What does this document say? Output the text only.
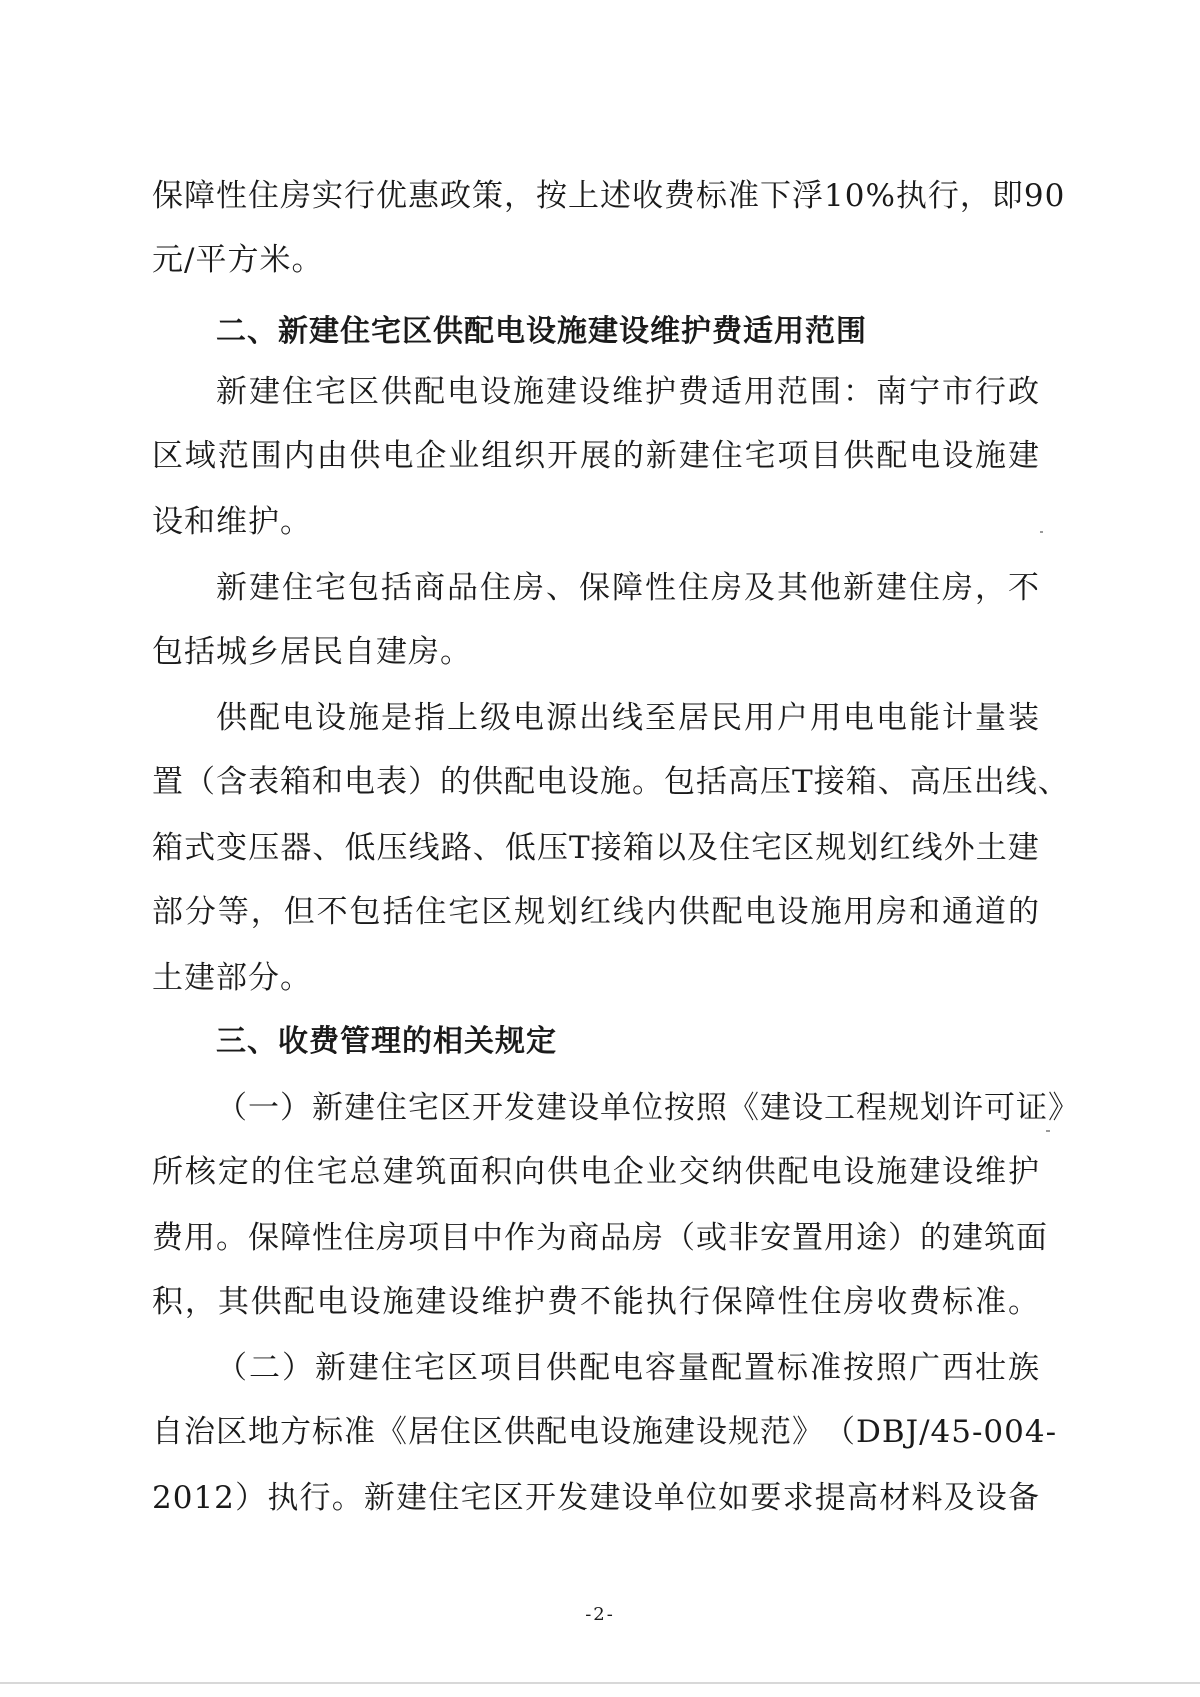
保 障 性 住 房 实 行 优 惠 政 策 ， 按 上 述 收 费 标 准 下 浮 10% 执 行 ， 即 90
元/平方米。
二、新建住宅区供配电设施建设维护费适用范围
新 建 住 宅 区 供 配 电 设 施 建 设 维 护 费 适 用 范 围 ： 南 宁 市 行 政
区 域 范 围 内 由 供 电 企 业 组 织 开 展 的 新 建 住 宅 项 目 供 配 电 设 施 建
设和维护。
新 建 住 宅 包 括 商 品 住 房 、 保 障 性 住 房 及 其 他 新 建 住 房 ， 不
包括城乡居民自建房。
供 配 电 设 施 是 指 上 级 电 源 出 线 至 居 民 用 户 用 电 电 能 计 量 装
置 （ 含 表 箱 和 电 表 ） 的 供 配 电 设 施 。 包 括 高 压 T 接 箱 、 高 压 出 线 、
箱 式 变 压 器 、 低 压 线 路 、 低 压 T 接 箱 以 及 住 宅 区 规 划 红 线 外 土 建
部 分 等 ， 但 不 包 括 住 宅 区 规 划 红 线 内 供 配 电 设 施 用 房 和 通 道 的
土建部分。
三、收费管理的相关规定
（ 一 ） 新 建 住 宅 区 开 发 建 设 单 位 按 照 《 建 设 工 程 规 划 许 可 证 》
所 核 定 的 住 宅 总 建 筑 面 积 向 供 电 企 业 交 纳 供 配 电 设 施 建 设 维 护
费 用 。 保 障 性 住 房 项 目 中 作 为 商 品 房 （ 或 非 安 置 用 途 ） 的 建 筑 面
积 ， 其 供 配 电 设 施 建 设 维 护 费 不 能 执 行 保 障 性 住 房 收 费 标 准 。
（ 二 ） 新 建 住 宅 区 项 目 供 配 电 容 量 配 置 标 准 按 照 广 西 壮 族
自 治 区 地 方 标 准 《 居 住 区 供 配 电 设 施 建 设 规 范 》 （ DBJ/45-004-
2012 ） 执 行 。 新 建 住 宅 区 开 发 建 设 单 位 如 要 求 提 高 材 料 及 设 备
-2-
